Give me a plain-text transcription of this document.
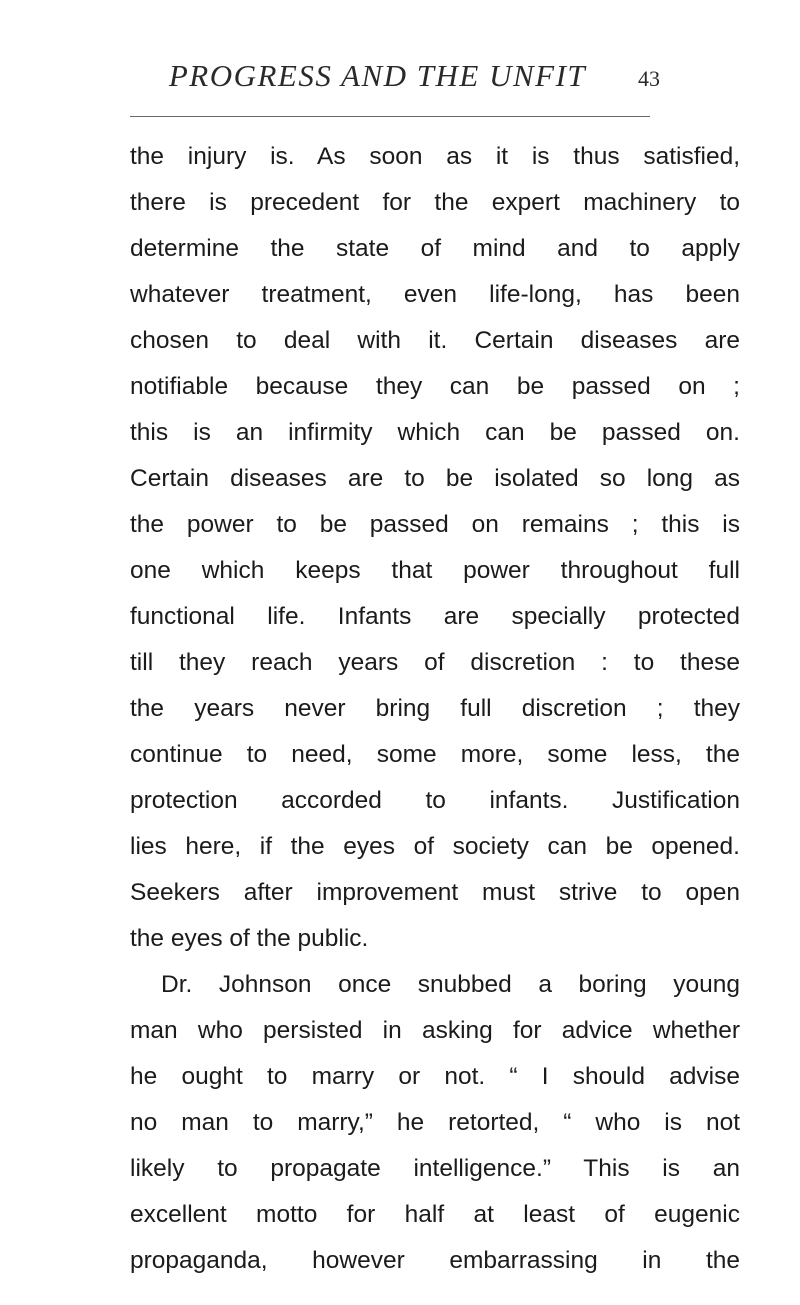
PROGRESS AND THE UNFIT	43
the injury is. As soon as it is thus satisfied,
there is precedent for the expert machinery to
determine the state of mind and to apply
whatever treatment, even life-long, has been
chosen to deal with it. Certain diseases are
notifiable because they can be passed on ;
this is an infirmity which can be passed on.
Certain diseases are to be isolated so long as
the power to be passed on remains ; this is
one which keeps that power throughout full
functional life. Infants are specially protected
till they reach years of discretion : to these
the years never bring full discretion ; they
continue to need, some more, some less, the
protection accorded to infants. Justification
lies here, if the eyes of society can be opened.
Seekers after improvement must strive to open
the eyes of the public.
Dr. Johnson once snubbed a boring young
man who persisted in asking for advice whether
he ought to marry or not. “ I should advise
no man to marry,” he retorted, “ who is not
likely to propagate intelligence.” This is an
excellent motto for half at least of eugenic
propaganda, however embarrassing in the
